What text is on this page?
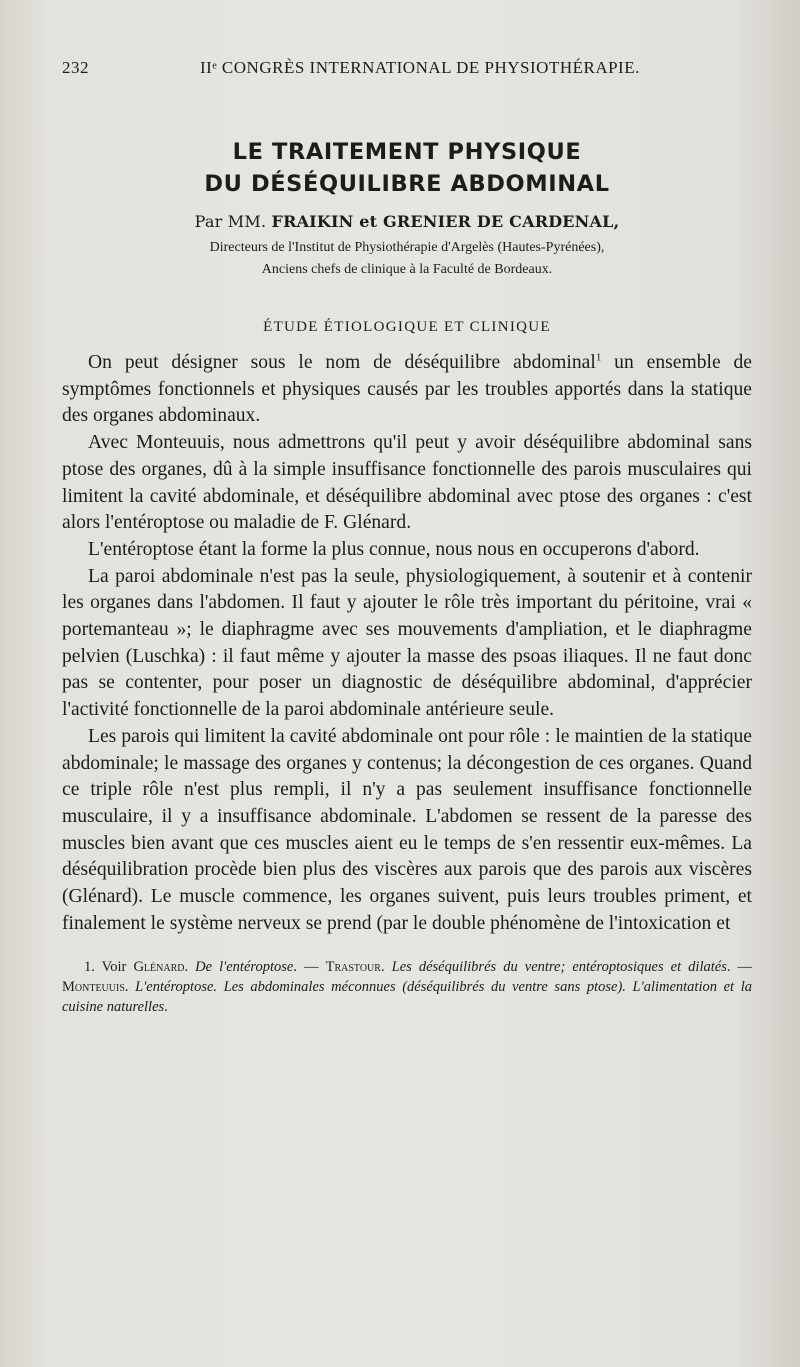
232	IIᵉ CONGRÈS INTERNATIONAL DE PHYSIOTHÉRAPIE.
LE TRAITEMENT PHYSIQUE
DU DÉSÉQUILIBRE ABDOMINAL
Par MM. FRAIKIN et GRENIER DE CARDENAL,
Directeurs de l'Institut de Physiothérapie d'Argelès (Hautes-Pyrénées),
Anciens chefs de clinique à la Faculté de Bordeaux.
ÉTUDE ÉTIOLOGIQUE ET CLINIQUE

On peut désigner sous le nom de déséquilibre abdominal$^1$ un ensemble de symptômes fonctionnels et physiques causés par les troubles apportés dans la statique des organes abdominaux.

Avec Monteuuis, nous admettrons qu'il peut y avoir déséquilibre abdominal sans ptose des organes, dû à la simple insuffisance fonctionnelle des parois musculaires qui limitent la cavité abdominale, et déséquilibre abdominal avec ptose des organes : c'est alors l'entéroptose ou maladie de F. Glénard.

L'entéroptose étant la forme la plus connue, nous nous en occuperons d'abord.

La paroi abdominale n'est pas la seule, physiologiquement, à soutenir et à contenir les organes dans l'abdomen. Il faut y ajouter le rôle très important du péritoine, vrai « portemanteau »; le diaphragme avec ses mouvements d'ampliation, et le diaphragme pelvien (Luschka) : il faut même y ajouter la masse des psoas iliaques. Il ne faut donc pas se contenter, pour poser un diagnostic de déséquilibre abdominal, d'apprécier l'activité fonctionnelle de la paroi abdominale antérieure seule.

Les parois qui limitent la cavité abdominale ont pour rôle : le maintien de la statique abdominale; le massage des organes y contenus; la décongestion de ces organes. Quand ce triple rôle n'est plus rempli, il n'y a pas seulement insuffisance fonctionnelle musculaire, il y a insuffisance abdominale. L'abdomen se ressent de la paresse des muscles bien avant que ces muscles aient eu le temps de s'en ressentir eux-mêmes. La déséquilibration procède bien plus des viscères aux parois que des parois aux viscères (Glénard). Le muscle commence, les organes suivent, puis leurs troubles priment, et finalement le système nerveux se prend (par le double phénomène de l'intoxication et

1. Voir Glénard. De l'entéroptose. — Trastour. Les déséquilibrés du ventre; entéroptosiques et dilatés. — Monteuuis. L'entéroptose. Les abdominales méconnues (déséquilibrés du ventre sans ptose). L'alimentation et la cuisine naturelles.
